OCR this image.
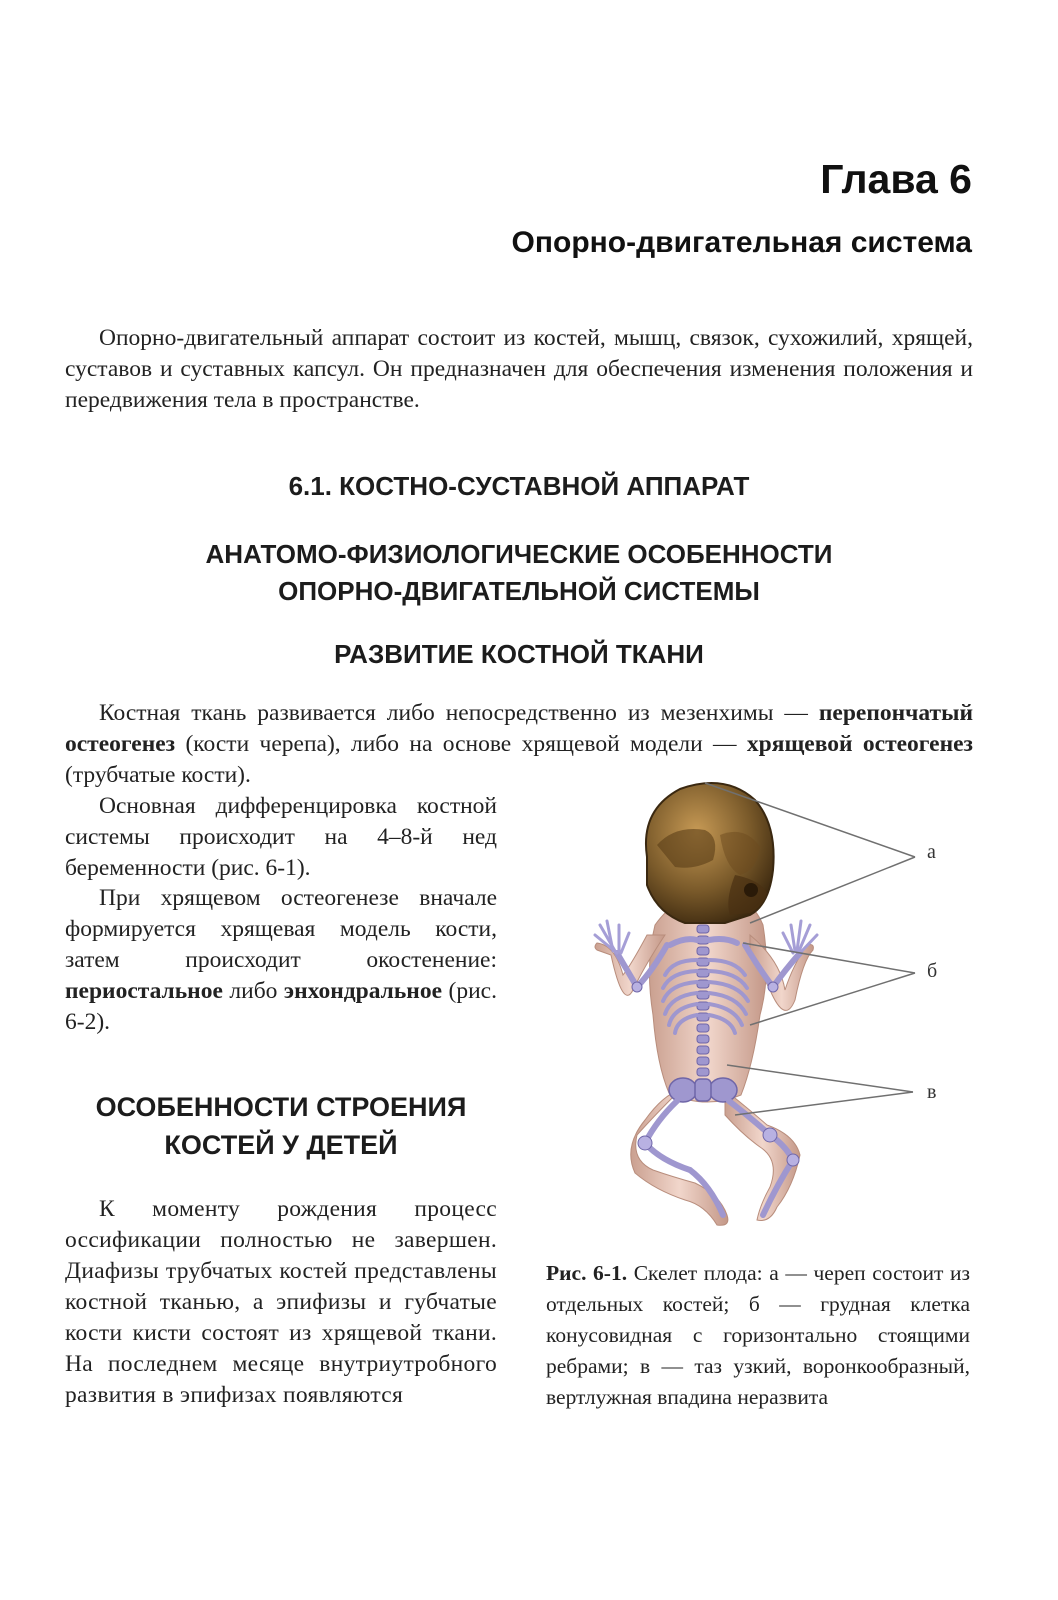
Глава 6
Опорно-двигательная система

Опорно-двигательный аппарат состоит из костей, мышц, связок, сухожилий, хрящей, суставов и суставных капсул. Он предназначен для обеспечения изменения положения и передвижения тела в пространстве.

6.1. КОСТНО-СУСТАВНОЙ АППАРАТ
АНАТОМО-ФИЗИОЛОГИЧЕСКИЕ ОСОБЕННОСТИ
ОПОРНО-ДВИГАТЕЛЬНОЙ СИСТЕМЫ
РАЗВИТИЕ КОСТНОЙ ТКАНИ

Костная ткань развивается либо непосредственно из мезенхимы — перепончатый остеогенез (кости черепа), либо на основе хрящевой модели — хрящевой остеогенез (трубчатые кости).

Основная дифференцировка костной системы происходит на 4–8-й нед беременности (рис. 6-1).

При хрящевом остеогенезе вначале формируется хрящевая модель кости, затем происходит окостенение: периостальное либо энхондральное (рис. 6-2).

ОСОБЕННОСТИ СТРОЕНИЯ
КОСТЕЙ У ДЕТЕЙ

К моменту рождения процесс оссификации полностью не завершен. Диафизы трубчатых костей представлены костной тканью, а эпифизы и губчатые кости кисти состоят из хрящевой ткани. На последнем месяце внутриутробного развития в эпифизах появляются

а
б
в

Рис. 6-1. Скелет плода: а — череп состоит из отдельных костей; б — грудная клетка конусовидная с горизонтально стоящими ребрами; в — таз узкий, воронкообразный, вертлужная впадина неразвита
